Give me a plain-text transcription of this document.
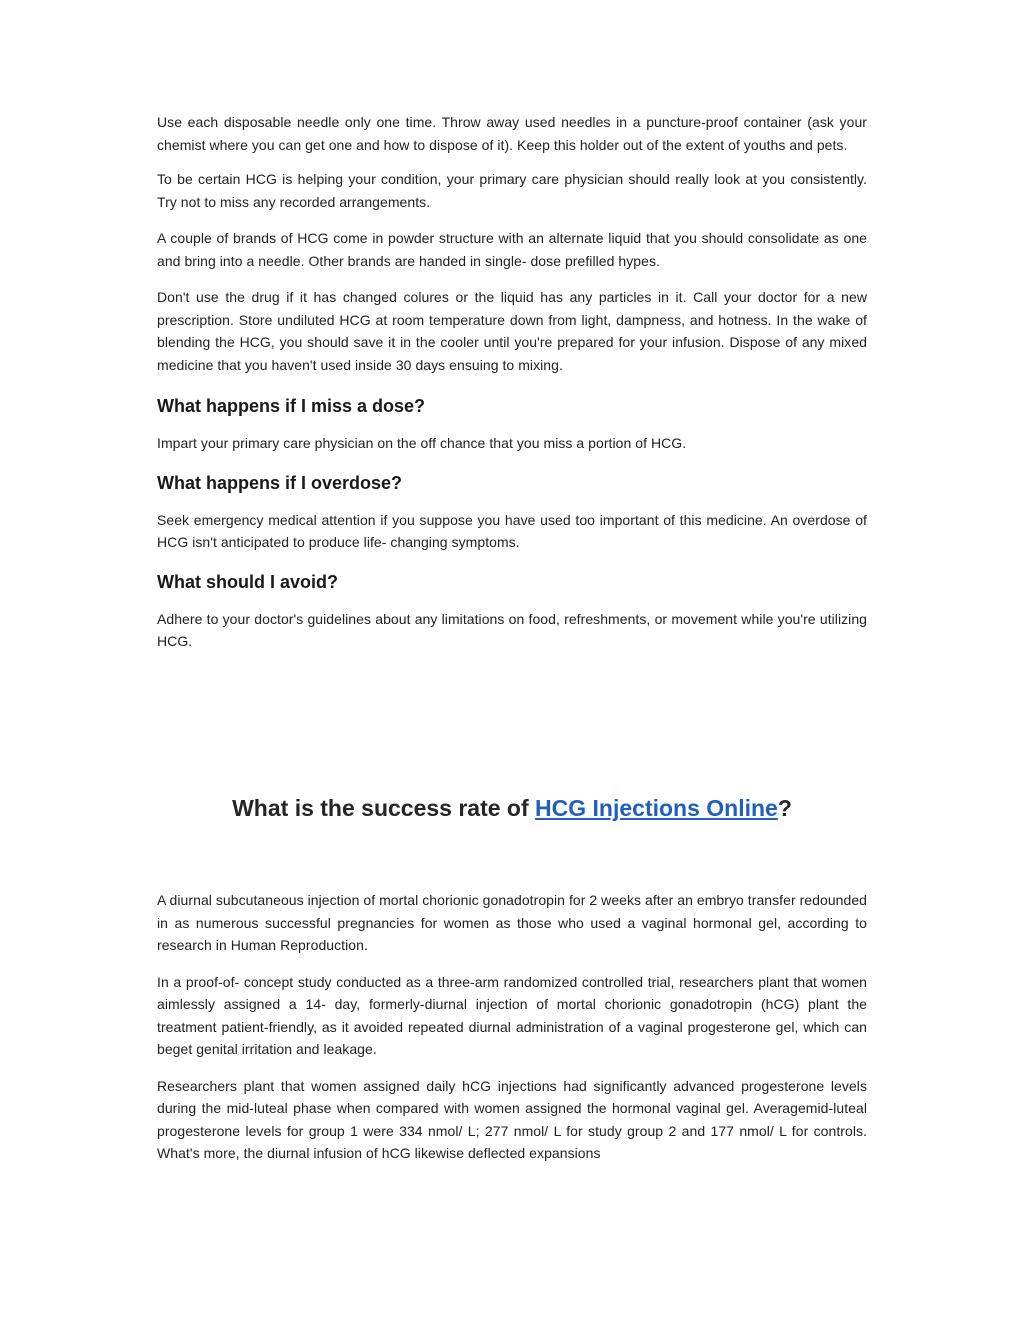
Use each disposable needle only one time. Throw away used needles in a puncture-proof container (ask your chemist where you can get one and how to dispose of it). Keep this holder out of the extent of youths and pets.

To be certain HCG is helping your condition, your primary care physician should really look at you consistently. Try not to miss any recorded arrangements.

A couple of brands of HCG come in powder structure with an alternate liquid that you should consolidate as one and bring into a needle. Other brands are handed in single- dose prefilled hypes.

Don't use the drug if it has changed colures or the liquid has any particles in it. Call your doctor for a new prescription. Store undiluted HCG at room temperature down from light, dampness, and hotness. In the wake of blending the HCG, you should save it in the cooler until you're prepared for your infusion. Dispose of any mixed medicine that you haven't used inside 30 days ensuing to mixing.

What happens if I miss a dose?

Impart your primary care physician on the off chance that you miss a portion of HCG.

What happens if I overdose?

Seek emergency medical attention if you suppose you have used too important of this medicine. An overdose of HCG isn't anticipated to produce life- changing symptoms.

What should I avoid?

Adhere to your doctor's guidelines about any limitations on food, refreshments, or movement while you're utilizing HCG.

What is the success rate of HCG Injections Online?

A diurnal subcutaneous injection of mortal chorionic gonadotropin for 2 weeks after an embryo transfer redounded in as numerous successful pregnancies for women as those who used a vaginal hormonal gel, according to research in Human Reproduction.

In a proof-of- concept study conducted as a three-arm randomized controlled trial, researchers plant that women aimlessly assigned a 14- day, formerly-diurnal injection of mortal chorionic gonadotropin (hCG) plant the treatment patient-friendly, as it avoided repeated diurnal administration of a vaginal progesterone gel, which can beget genital irritation and leakage.

Researchers plant that women assigned daily hCG injections had significantly advanced progesterone levels during the mid-luteal phase when compared with women assigned the hormonal vaginal gel. Averagemid-luteal progesterone levels for group 1 were 334 nmol/ L; 277 nmol/ L for study group 2 and 177 nmol/ L for controls. What's more, the diurnal infusion of hCG likewise deflected expansions
